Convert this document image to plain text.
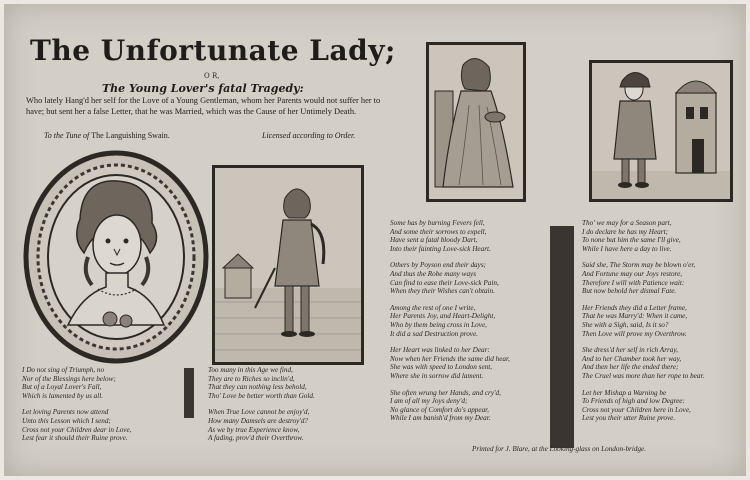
The Unfortunate Lady;
O R,
The Young Lover's fatal Tragedy:
Who lately Hang'd her self for the Love of a Young Gentleman, whom her Parents would not suffer her to have; but sent her a false Letter, that he was Married, which was the Cause of her Untimely Death.
To the Tune of The Languishing Swain.	Licensed according to Order.
I Do not sing of Triumph, no
Nor of the Blessings here below;
But of a Loyal Lover's Fall,
Which is lamented by us all.
Let loving Parents now attend
Unto this Lesson which I send;
Cross not your Children dear in Love,
Lest fear it should their Ruine prove.
Too many in this Age we find,
They are to Riches so inclin'd,
That they can nothing less behold,
Tho' Love be better worth than Gold.
When True Love cannot be enjoy'd,
How many Damsels are destroy'd?
As we by true Experience know,
A fading, prov'd their Overthrow.
Some has by burning Fevers fell,
And some their sorrows to expell,
Have sent a fatal bloody Dart,
Into their fainting Love-sick Heart.
Others by Poyson end their days;
And thus the Robe many ways
Can find to ease their Love-sick Pain,
When they their Wishes can't obtain.
Among the rest of one I write,
Her Parents Joy, and Heart-Delight,
Who by them being cross in Love,
It did a sad Destruction prove.
Her Heart was linked to her Dear:
Now when her Friends the same did hear,
She was with speed to London sent,
Where she in sorrow did lament.
She often wrung her Hands, and cry'd,
I am of all my Joys deny'd;
No glance of Comfort do's appear,
While I am banish'd from my Dear.
Tho' we may for a Season part,
I do declare he has my Heart;
To none but him the same I'll give,
While I have here a day to live.
Said she, The Storm may be blown o'er,
And Fortune may our Joys restore,
Therefore I will with Patience wait:
But now behold her dismal Fate.
Her Friends they did a Letter frame,
That he was Marry'd: When it came,
She with a Sigh, said, Is it so?
Then Love will prove my Overthrow.
She dress'd her self in rich Array,
And to her Chamber took her way,
And then her life the ended there;
The Cruel was more than her rope to bear.
Let her Mishap a Warning be
To Friends of high and low Degree:
Cross not your Children here in Love,
Lest you their utter Ruine prove.
Printed for J. Blare, at the Looking-glass on London-bridge.
